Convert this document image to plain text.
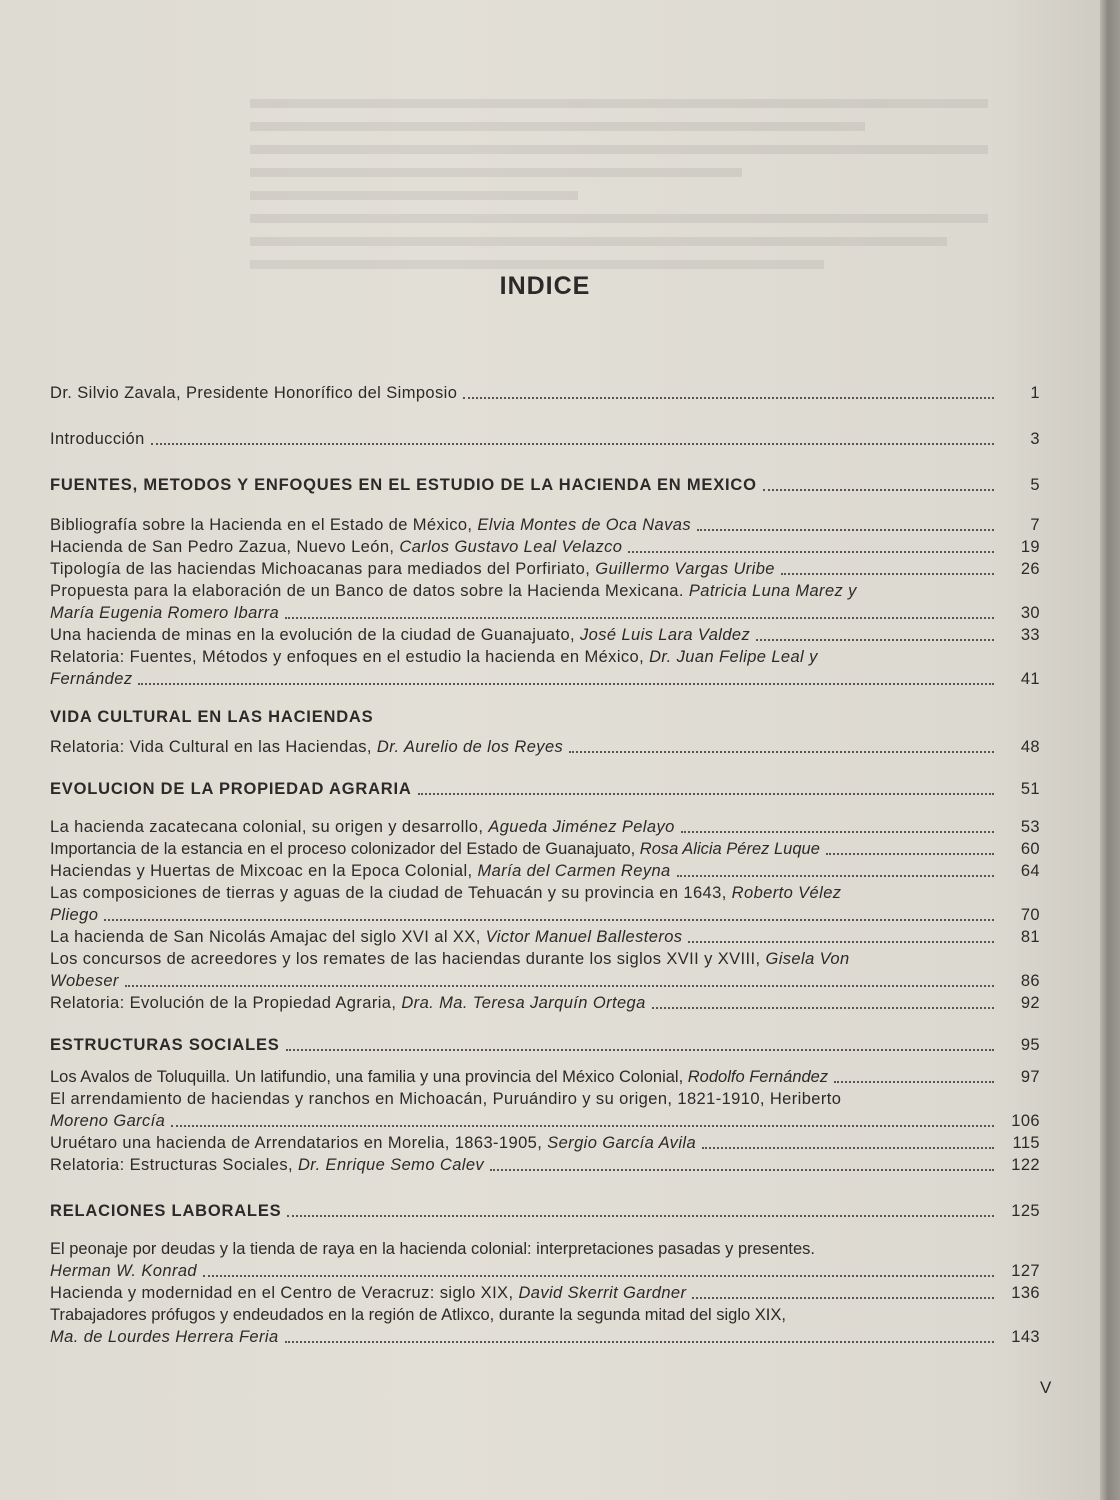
INDICE
Dr. Silvio Zavala, Presidente Honorífico del Simposio	1
Introducción	3
FUENTES, METODOS Y ENFOQUES EN EL ESTUDIO DE LA HACIENDA EN MEXICO	5
Bibliografía sobre la Hacienda en el Estado de México, Elvia Montes de Oca Navas	7
Hacienda de San Pedro Zazua, Nuevo León, Carlos Gustavo Leal Velazco	19
Tipología de las haciendas Michoacanas para mediados del Porfiriato, Guillermo Vargas Uribe	26
Propuesta para la elaboración de un Banco de datos sobre la Hacienda Mexicana. Patricia Luna Marez y
María Eugenia Romero Ibarra	30
Una hacienda de minas en la evolución de la ciudad de Guanajuato, José Luis Lara Valdez	33
Relatoria: Fuentes, Métodos y enfoques en el estudio la hacienda en México, Dr. Juan Felipe Leal y
Fernández	41
VIDA CULTURAL EN LAS HACIENDAS
Relatoria: Vida Cultural en las Haciendas, Dr. Aurelio de los Reyes	48
EVOLUCION DE LA PROPIEDAD AGRARIA	51
La hacienda zacatecana colonial, su origen y desarrollo, Agueda Jiménez Pelayo	53
Importancia de la estancia en el proceso colonizador del Estado de Guanajuato, Rosa Alicia Pérez Luque	60
Haciendas y Huertas de Mixcoac en la Epoca Colonial, María del Carmen Reyna	64
Las composiciones de tierras y aguas de la ciudad de Tehuacán y su provincia en 1643, Roberto Vélez
Pliego	70
La hacienda de San Nicolás Amajac del siglo XVI al XX, Victor Manuel Ballesteros	81
Los concursos de acreedores y los remates de las haciendas durante los siglos XVII y XVIII, Gisela Von
Wobeser	86
Relatoria: Evolución de la Propiedad Agraria, Dra. Ma. Teresa Jarquín Ortega	92
ESTRUCTURAS SOCIALES	95
Los Avalos de Toluquilla. Un latifundio, una familia y una provincia del México Colonial, Rodolfo Fernández	97
El arrendamiento de haciendas y ranchos en Michoacán, Puruándiro y su origen, 1821-1910, Heriberto
Moreno García	106
Uruétaro una hacienda de Arrendatarios en Morelia, 1863-1905, Sergio García Avila	115
Relatoria: Estructuras Sociales, Dr. Enrique Semo Calev	122
RELACIONES LABORALES	125
El peonaje por deudas y la tienda de raya en la hacienda colonial: interpretaciones pasadas y presentes.
Herman W. Konrad	127
Hacienda y modernidad en el Centro de Veracruz: siglo XIX, David Skerrit Gardner	136
Trabajadores prófugos y endeudados en la región de Atlixco, durante la segunda mitad del siglo XIX,
Ma. de Lourdes Herrera Feria	143
V
